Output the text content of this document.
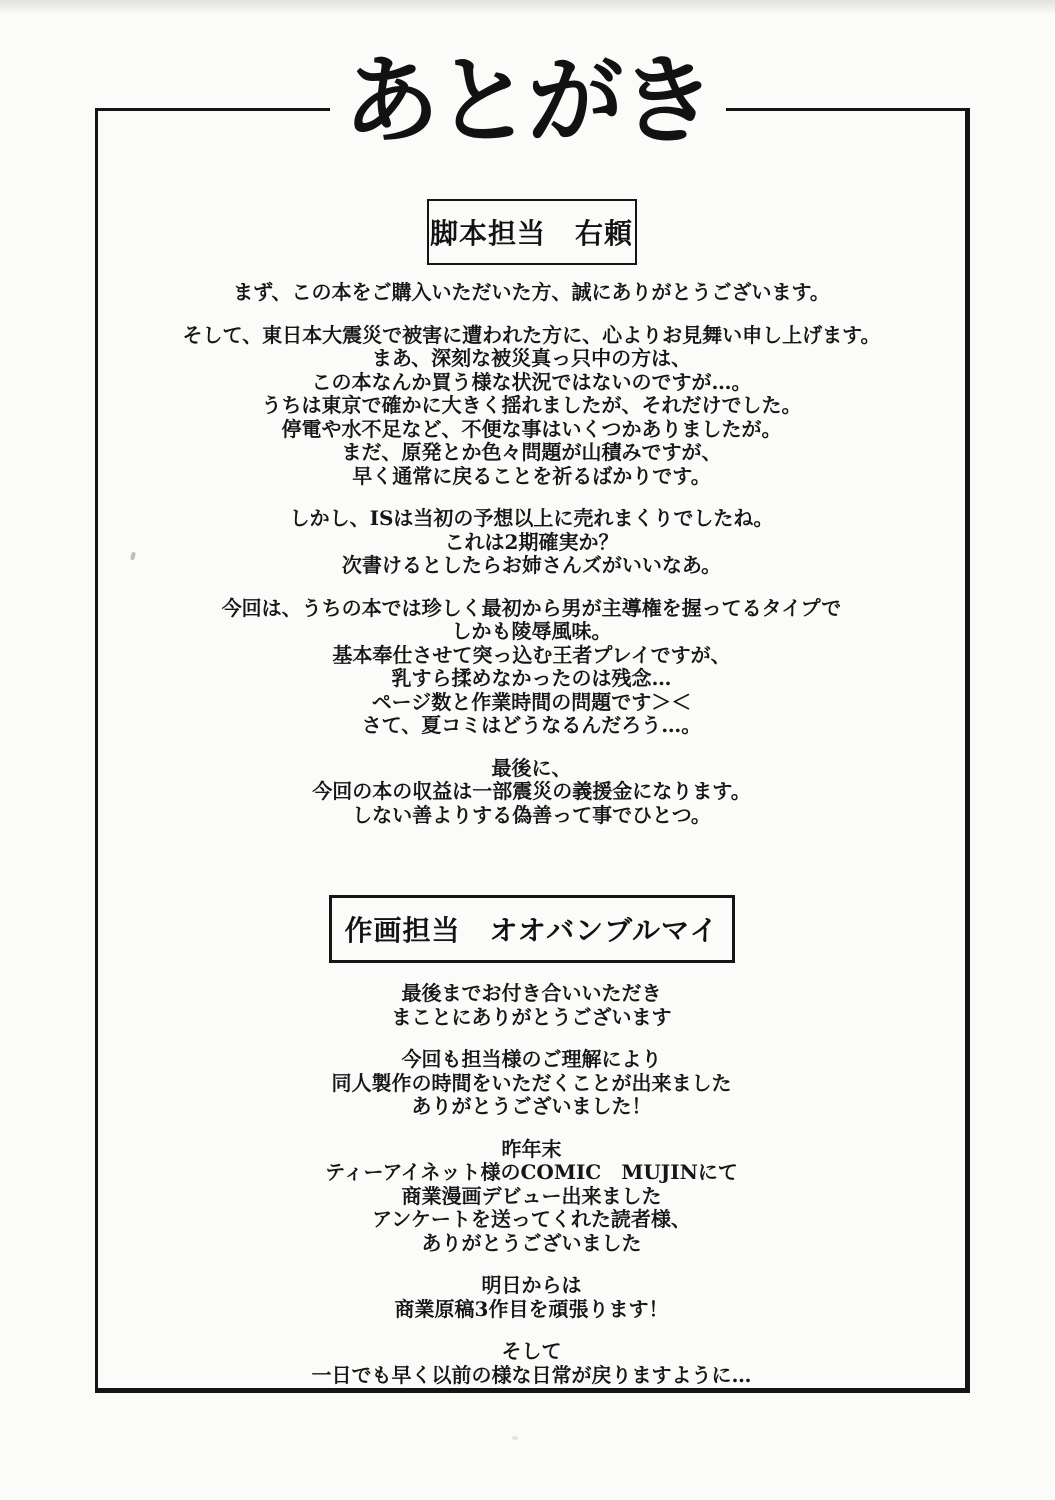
脚本担当　右頼
まず、この本をご購入いただいた方、誠にありがとうございます。
そして、東日本大震災で被害に遭われた方に、心よりお見舞い申し上げます。
まあ、深刻な被災真っ只中の方は、
この本なんか買う様な状況ではないのですが…。
うちは東京で確かに大きく揺れましたが、それだけでした。
停電や水不足など、不便な事はいくつかありましたが。
まだ、原発とか色々問題が山積みですが、
早く通常に戻ることを祈るばかりです。
しかし、ISは当初の予想以上に売れまくりでしたね。
これは2期確実か？
次書けるとしたらお姉さんズがいいなあ。
今回は、うちの本では珍しく最初から男が主導権を握ってるタイプで
しかも陵辱風味。
基本奉仕させて突っ込む王者プレイですが、
乳すら揉めなかったのは残念…
ページ数と作業時間の問題です＞＜
さて、夏コミはどうなるんだろう…。
最後に、
今回の本の収益は一部震災の義援金になります。
しない善よりする偽善って事でひとつ。
作画担当　オオバンブルマイ
最後までお付き合いいただき
まことにありがとうございます
今回も担当様のご理解により
同人製作の時間をいただくことが出来ました
ありがとうございました！
昨年末
ティーアイネット様のCOMIC　MUJINにて
商業漫画デビュー出来ました
アンケートを送ってくれた読者様、
ありがとうございました
明日からは
商業原稿3作目を頑張ります！
そして
一日でも早く以前の様な日常が戻りますように…
あとがき
